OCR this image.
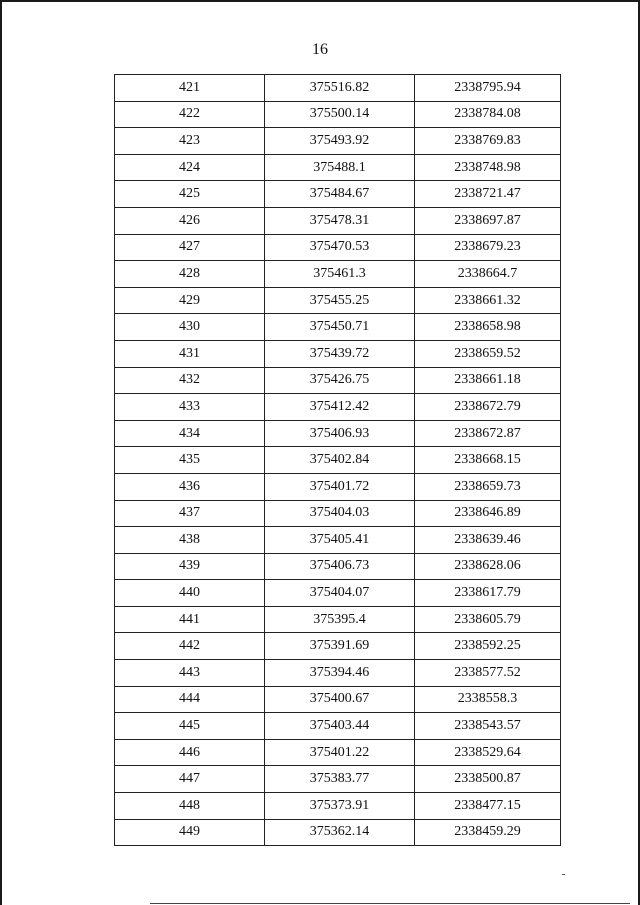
16
421	375516.82	2338795.94
422	375500.14	2338784.08
423	375493.92	2338769.83
424	375488.1	2338748.98
425	375484.67	2338721.47
426	375478.31	2338697.87
427	375470.53	2338679.23
428	375461.3	2338664.7
429	375455.25	2338661.32
430	375450.71	2338658.98
431	375439.72	2338659.52
432	375426.75	2338661.18
433	375412.42	2338672.79
434	375406.93	2338672.87
435	375402.84	2338668.15
436	375401.72	2338659.73
437	375404.03	2338646.89
438	375405.41	2338639.46
439	375406.73	2338628.06
440	375404.07	2338617.79
441	375395.4	2338605.79
442	375391.69	2338592.25
443	375394.46	2338577.52
444	375400.67	2338558.3
445	375403.44	2338543.57
446	375401.22	2338529.64
447	375383.77	2338500.87
448	375373.91	2338477.15
449	375362.14	2338459.29
